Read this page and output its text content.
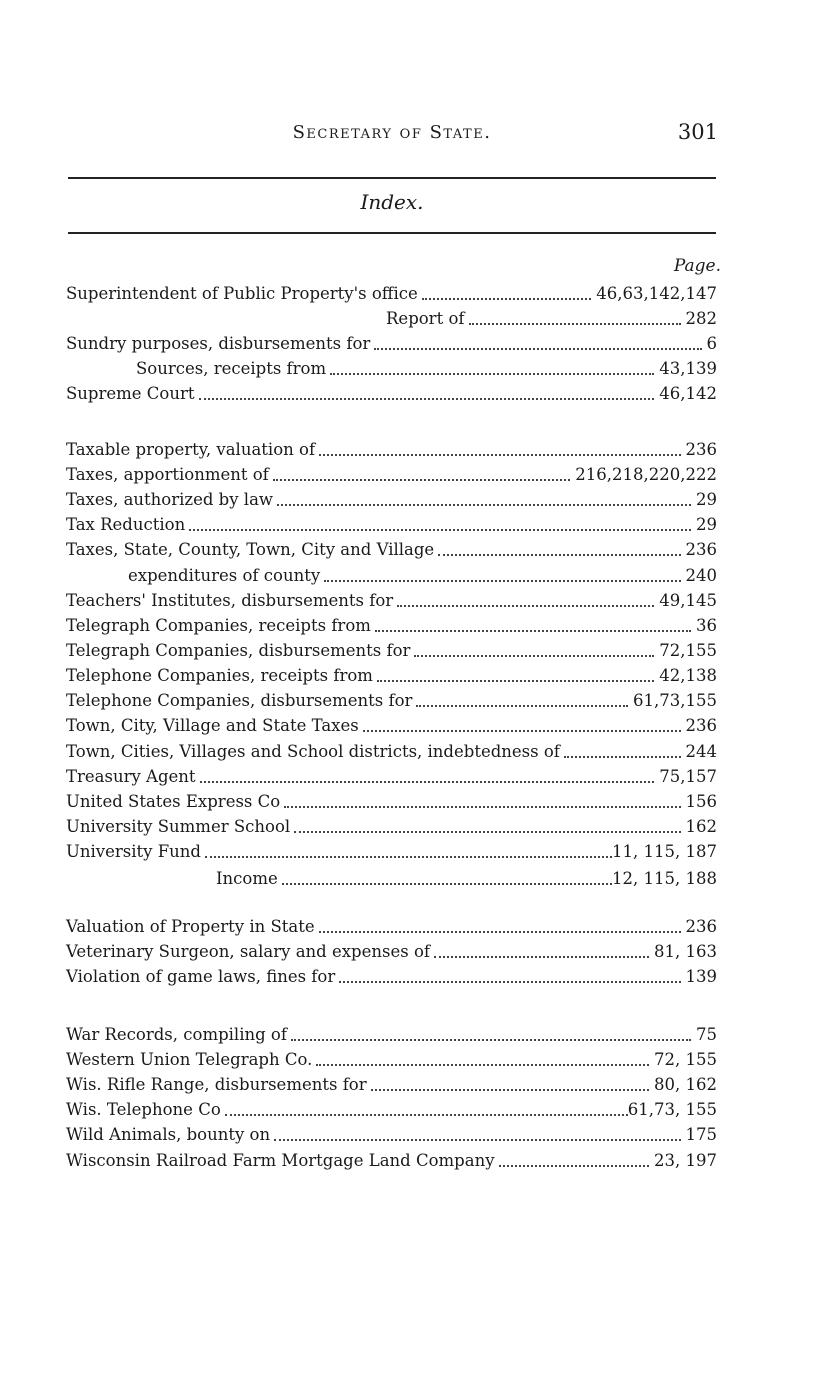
Secretary of State.	301
Index.
Page.
Superintendent of Public Property's office	46,63,142,147
Report of	282
Sundry purposes, disbursements for	6
Sources, receipts from	43,139
Supreme Court	46,142
Taxable property, valuation of	236
Taxes, apportionment of	216,218,220,222
Taxes, authorized by law	29
Tax Reduction	29
Taxes, State, County, Town, City and Village	236
expenditures of county	240
Teachers' Institutes, disbursements for	49,145
Telegraph Companies, receipts from	36
Telegraph Companies, disbursements for	72,155
Telephone Companies, receipts from	42,138
Telephone Companies, disbursements for	61,73,155
Town, City, Village and State Taxes	236
Town, Cities, Villages and School districts, indebtedness of	244
Treasury Agent	75,157
United States Express Co	156
University Summer School	162
University Fund	11, 115, 187
Income	12, 115, 188
Valuation of Property in State	236
Veterinary Surgeon, salary and expenses of	81, 163
Violation of game laws, fines for	139
War Records, compiling of	75
Western Union Telegraph Co.	72, 155
Wis. Rifle Range, disbursements for	80, 162
Wis. Telephone Co	61,73, 155
Wild Animals, bounty on	175
Wisconsin Railroad Farm Mortgage Land Company	23, 197
